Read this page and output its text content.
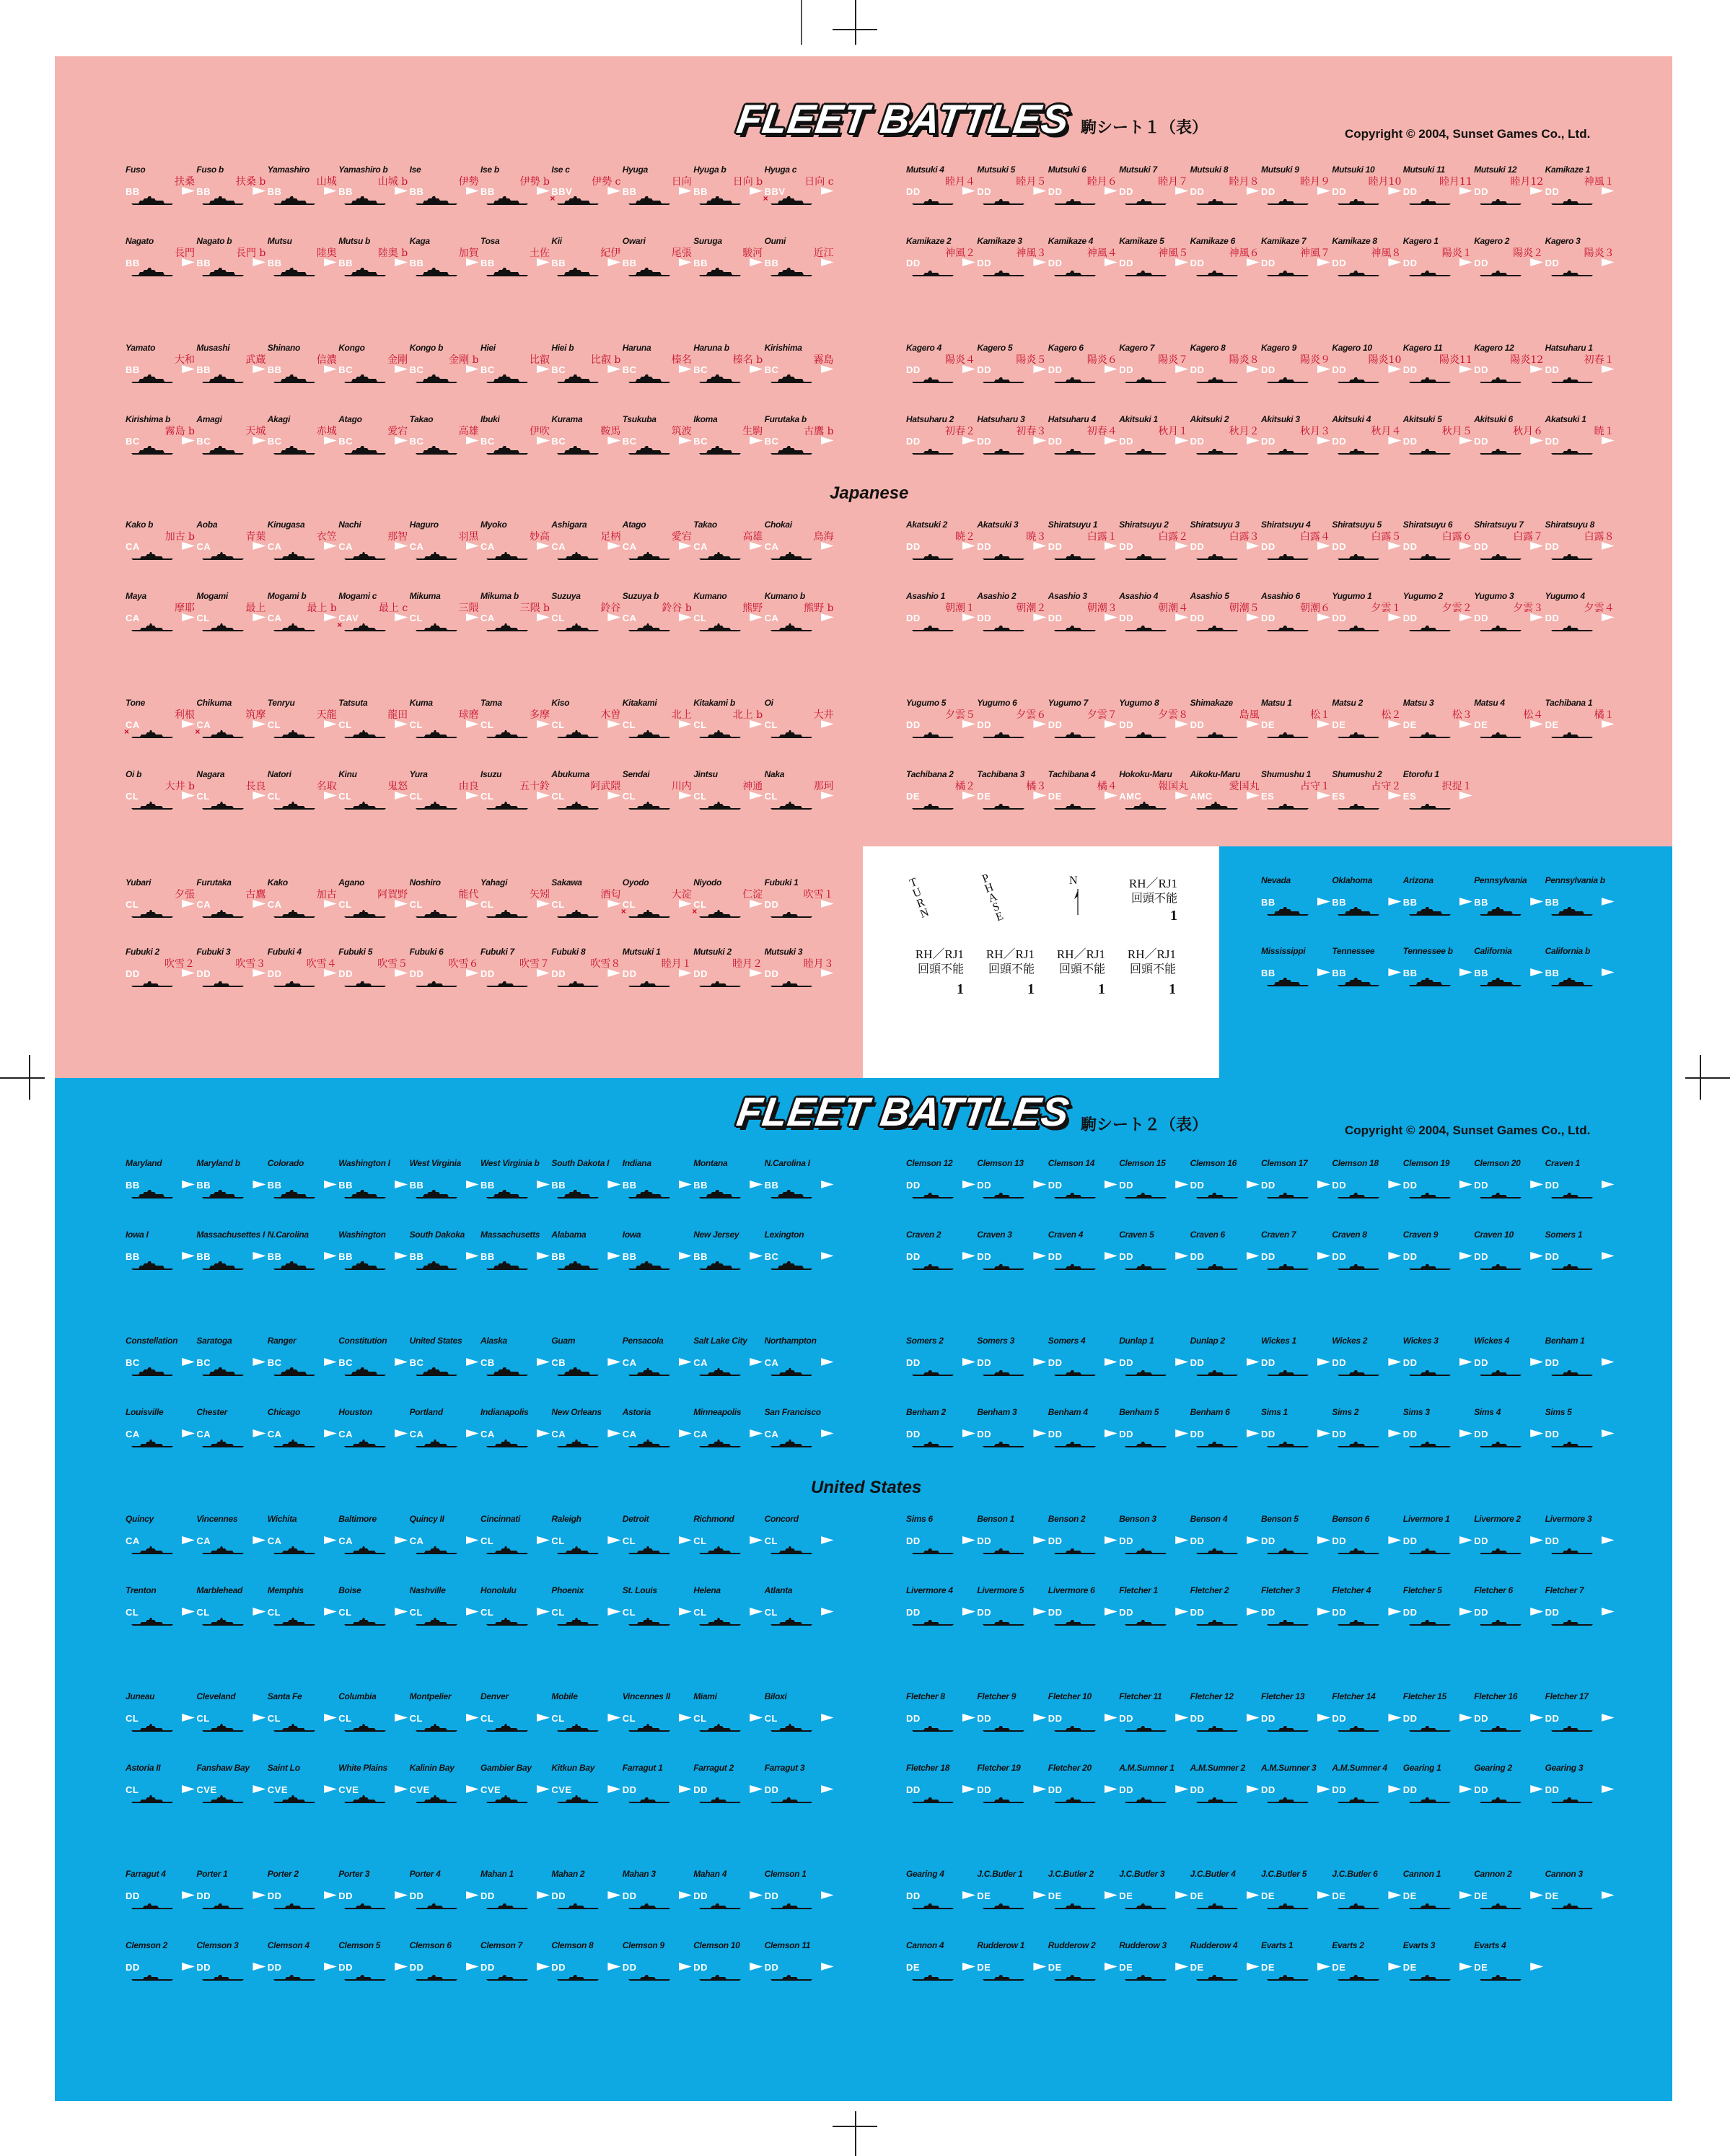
FLEET BATTLES 駒シート１（表）	Copyright © 2004, Sunset Games Co., Ltd.
Japanese
FLEET BATTLES 駒シート２（表）	Copyright © 2004, Sunset Games Co., Ltd.
United States
TURN	PHASE	N	RH／RJ1
回頭不能
1
RH／RJ1
回頭不能
1
RH／RJ1
回頭不能
1
RH／RJ1
回頭不能
1
RH／RJ1
回頭不能
1
Fuso
扶桑
BB
Fuso b
扶桑 b
BB
Yamashiro
山城
BB
Yamashiro b
山城 b
BB
Ise
伊勢
BB
Ise b
伊勢 b
BB
Ise c
伊勢 c
BBV
×
Hyuga
日向
BB
Hyuga b
日向 b
BB
Hyuga c
日向 c
BBV
×
Nagato
長門
BB
Nagato b
長門 b
BB
Mutsu
陸奥
BB
Mutsu b
陸奥 b
BB
Kaga
加賀
BB
Tosa
土佐
BB
Kii
紀伊
BB
Owari
尾張
BB
Suruga
駿河
BB
Oumi
近江
BB
Yamato
大和
BB
Musashi
武蔵
BB
Shinano
信濃
BB
Kongo
金剛
BC
Kongo b
金剛 b
BC
Hiei
比叡
BC
Hiei b
比叡 b
BC
Haruna
榛名
BC
Haruna b
榛名 b
BC
Kirishima
霧島
BC
Kirishima b
霧島 b
BC
Amagi
天城
BC
Akagi
赤城
BC
Atago
愛宕
BC
Takao
高雄
BC
Ibuki
伊吹
BC
Kurama
鞍馬
BC
Tsukuba
筑波
BC
Ikoma
生駒
BC
Furutaka b
古鷹 b
BC
Kako b
加古 b
CA
Aoba
青葉
CA
Kinugasa
衣笠
CA
Nachi
那智
CA
Haguro
羽黒
CA
Myoko
妙高
CA
Ashigara
足柄
CA
Atago
愛宕
CA
Takao
高雄
CA
Chokai
鳥海
CA
Maya
摩耶
CA
Mogami
最上
CL
Mogami b
最上 b
CA
Mogami c
最上 c
CAV
×
Mikuma
三隈
CL
Mikuma b
三隈 b
CA
Suzuya
鈴谷
CL
Suzuya b
鈴谷 b
CA
Kumano
熊野
CL
Kumano b
熊野 b
CA
Tone
利根
CA
×
Chikuma
筑摩
CA
×
Tenryu
天龍
CL
Tatsuta
龍田
CL
Kuma
球磨
CL
Tama
多摩
CL
Kiso
木曽
CL
Kitakami
北上
CL
Kitakami b
北上 b
CL
Oi
大井
CL
Oi b
大井 b
CL
Nagara
長良
CL
Natori
名取
CL
Kinu
鬼怒
CL
Yura
由良
CL
Isuzu
五十鈴
CL
Abukuma
阿武隈
CL
Sendai
川内
CL
Jintsu
神通
CL
Naka
那珂
CL
Yubari
夕張
CL
Furutaka
古鷹
CA
Kako
加古
CA
Agano
阿賀野
CL
Noshiro
能代
CL
Yahagi
矢矧
CL
Sakawa
酒匂
CL
Oyodo
大淀
CL
×
Niyodo
仁淀
CL
×
Fubuki 1
吹雪１
DD
Fubuki 2
吹雪２
DD
Fubuki 3
吹雪３
DD
Fubuki 4
吹雪４
DD
Fubuki 5
吹雪５
DD
Fubuki 6
吹雪６
DD
Fubuki 7
吹雪７
DD
Fubuki 8
吹雪８
DD
Mutsuki 1
睦月１
DD
Mutsuki 2
睦月２
DD
Mutsuki 3
睦月３
DD
Mutsuki 4
睦月４
DD
Mutsuki 5
睦月５
DD
Mutsuki 6
睦月６
DD
Mutsuki 7
睦月７
DD
Mutsuki 8
睦月８
DD
Mutsuki 9
睦月９
DD
Mutsuki 10
睦月10
DD
Mutsuki 11
睦月11
DD
Mutsuki 12
睦月12
DD
Kamikaze 1
神風１
DD
Kamikaze 2
神風２
DD
Kamikaze 3
神風３
DD
Kamikaze 4
神風４
DD
Kamikaze 5
神風５
DD
Kamikaze 6
神風６
DD
Kamikaze 7
神風７
DD
Kamikaze 8
神風８
DD
Kagero 1
陽炎１
DD
Kagero 2
陽炎２
DD
Kagero 3
陽炎３
DD
Kagero 4
陽炎４
DD
Kagero 5
陽炎５
DD
Kagero 6
陽炎６
DD
Kagero 7
陽炎７
DD
Kagero 8
陽炎８
DD
Kagero 9
陽炎９
DD
Kagero 10
陽炎10
DD
Kagero 11
陽炎11
DD
Kagero 12
陽炎12
DD
Hatsuharu 1
初春１
DD
Hatsuharu 2
初春２
DD
Hatsuharu 3
初春３
DD
Hatsuharu 4
初春４
DD
Akitsuki 1
秋月１
DD
Akitsuki 2
秋月２
DD
Akitsuki 3
秋月３
DD
Akitsuki 4
秋月４
DD
Akitsuki 5
秋月５
DD
Akitsuki 6
秋月６
DD
Akatsuki 1
暁１
DD
Akatsuki 2
暁２
DD
Akatsuki 3
暁３
DD
Shiratsuyu 1
白露１
DD
Shiratsuyu 2
白露２
DD
Shiratsuyu 3
白露３
DD
Shiratsuyu 4
白露４
DD
Shiratsuyu 5
白露５
DD
Shiratsuyu 6
白露６
DD
Shiratsuyu 7
白露７
DD
Shiratsuyu 8
白露８
DD
Asashio 1
朝潮１
DD
Asashio 2
朝潮２
DD
Asashio 3
朝潮３
DD
Asashio 4
朝潮４
DD
Asashio 5
朝潮５
DD
Asashio 6
朝潮６
DD
Yugumo 1
夕雲１
DD
Yugumo 2
夕雲２
DD
Yugumo 3
夕雲３
DD
Yugumo 4
夕雲４
DD
Yugumo 5
夕雲５
DD
Yugumo 6
夕雲６
DD
Yugumo 7
夕雲７
DD
Yugumo 8
夕雲８
DD
Shimakaze
島風
DD
Matsu 1
松１
DE
Matsu 2
松２
DE
Matsu 3
松３
DE
Matsu 4
松４
DE
Tachibana 1
橘１
DE
Tachibana 2
橘２
DE
Tachibana 3
橘３
DE
Tachibana 4
橘４
DE
Hokoku-Maru
報国丸
AMC
Aikoku-Maru
愛国丸
AMC
Shumushu 1
占守１
ES
Shumushu 2
占守２
ES
Etorofu 1
択捉１
ES
Nevada
BB
Oklahoma
BB
Arizona
BB
Pennsylvania
BB
Pennsylvania b
BB
Mississippi
BB
Tennessee
BB
Tennessee b
BB
California
BB
California b
BB
Maryland
BB
Maryland b
BB
Colorado
BB
Washington I
BB
West Virginia
BB
West Virginia b
BB
South Dakota I
BB
Indiana
BB
Montana
BB
N.Carolina I
BB
Iowa I
BB
Massachusettes I
BB
N.Carolina
BB
Washington
BB
South Dakoka
BB
Massachusetts
BB
Alabama
BB
Iowa
BB
New Jersey
BB
Lexington
BC
Constellation
BC
Saratoga
BC
Ranger
BC
Constitution
BC
United States
BC
Alaska
CB
Guam
CB
Pensacola
CA
Salt Lake City
CA
Northampton
CA
Louisville
CA
Chester
CA
Chicago
CA
Houston
CA
Portland
CA
Indianapolis
CA
New Orleans
CA
Astoria
CA
Minneapolis
CA
San Francisco
CA
Quincy
CA
Vincennes
CA
Wichita
CA
Baltimore
CA
Quincy II
CA
Cincinnati
CL
Raleigh
CL
Detroit
CL
Richmond
CL
Concord
CL
Trenton
CL
Marblehead
CL
Memphis
CL
Boise
CL
Nashville
CL
Honolulu
CL
Phoenix
CL
St. Louis
CL
Helena
CL
Atlanta
CL
Juneau
CL
Cleveland
CL
Santa Fe
CL
Columbia
CL
Montpelier
CL
Denver
CL
Mobile
CL
Vincennes II
CL
Miami
CL
Biloxi
CL
Astoria II
CL
Fanshaw Bay
CVE
Saint Lo
CVE
White Plains
CVE
Kalinin Bay
CVE
Gambier Bay
CVE
Kitkun Bay
CVE
Farragut 1
DD
Farragut 2
DD
Farragut 3
DD
Farragut 4
DD
Porter 1
DD
Porter 2
DD
Porter 3
DD
Porter 4
DD
Mahan 1
DD
Mahan 2
DD
Mahan 3
DD
Mahan 4
DD
Clemson 1
DD
Clemson 2
DD
Clemson 3
DD
Clemson 4
DD
Clemson 5
DD
Clemson 6
DD
Clemson 7
DD
Clemson 8
DD
Clemson 9
DD
Clemson 10
DD
Clemson 11
DD
Clemson 12
DD
Clemson 13
DD
Clemson 14
DD
Clemson 15
DD
Clemson 16
DD
Clemson 17
DD
Clemson 18
DD
Clemson 19
DD
Clemson 20
DD
Craven 1
DD
Craven 2
DD
Craven 3
DD
Craven 4
DD
Craven 5
DD
Craven 6
DD
Craven 7
DD
Craven 8
DD
Craven 9
DD
Craven 10
DD
Somers 1
DD
Somers 2
DD
Somers 3
DD
Somers 4
DD
Dunlap 1
DD
Dunlap 2
DD
Wickes 1
DD
Wickes 2
DD
Wickes 3
DD
Wickes 4
DD
Benham 1
DD
Benham 2
DD
Benham 3
DD
Benham 4
DD
Benham 5
DD
Benham 6
DD
Sims 1
DD
Sims 2
DD
Sims 3
DD
Sims 4
DD
Sims 5
DD
Sims 6
DD
Benson 1
DD
Benson 2
DD
Benson 3
DD
Benson 4
DD
Benson 5
DD
Benson 6
DD
Livermore 1
DD
Livermore 2
DD
Livermore 3
DD
Livermore 4
DD
Livermore 5
DD
Livermore 6
DD
Fletcher 1
DD
Fletcher 2
DD
Fletcher 3
DD
Fletcher 4
DD
Fletcher 5
DD
Fletcher 6
DD
Fletcher 7
DD
Fletcher 8
DD
Fletcher 9
DD
Fletcher 10
DD
Fletcher 11
DD
Fletcher 12
DD
Fletcher 13
DD
Fletcher 14
DD
Fletcher 15
DD
Fletcher 16
DD
Fletcher 17
DD
Fletcher 18
DD
Fletcher 19
DD
Fletcher 20
DD
A.M.Sumner 1
DD
A.M.Sumner 2
DD
A.M.Sumner 3
DD
A.M.Sumner 4
DD
Gearing 1
DD
Gearing 2
DD
Gearing 3
DD
Gearing 4
DD
J.C.Butler 1
DE
J.C.Butler 2
DE
J.C.Butler 3
DE
J.C.Butler 4
DE
J.C.Butler 5
DE
J.C.Butler 6
DE
Cannon 1
DE
Cannon 2
DE
Cannon 3
DE
Cannon 4
DE
Rudderow 1
DE
Rudderow 2
DE
Rudderow 3
DE
Rudderow 4
DE
Evarts 1
DE
Evarts 2
DE
Evarts 3
DE
Evarts 4
DE
